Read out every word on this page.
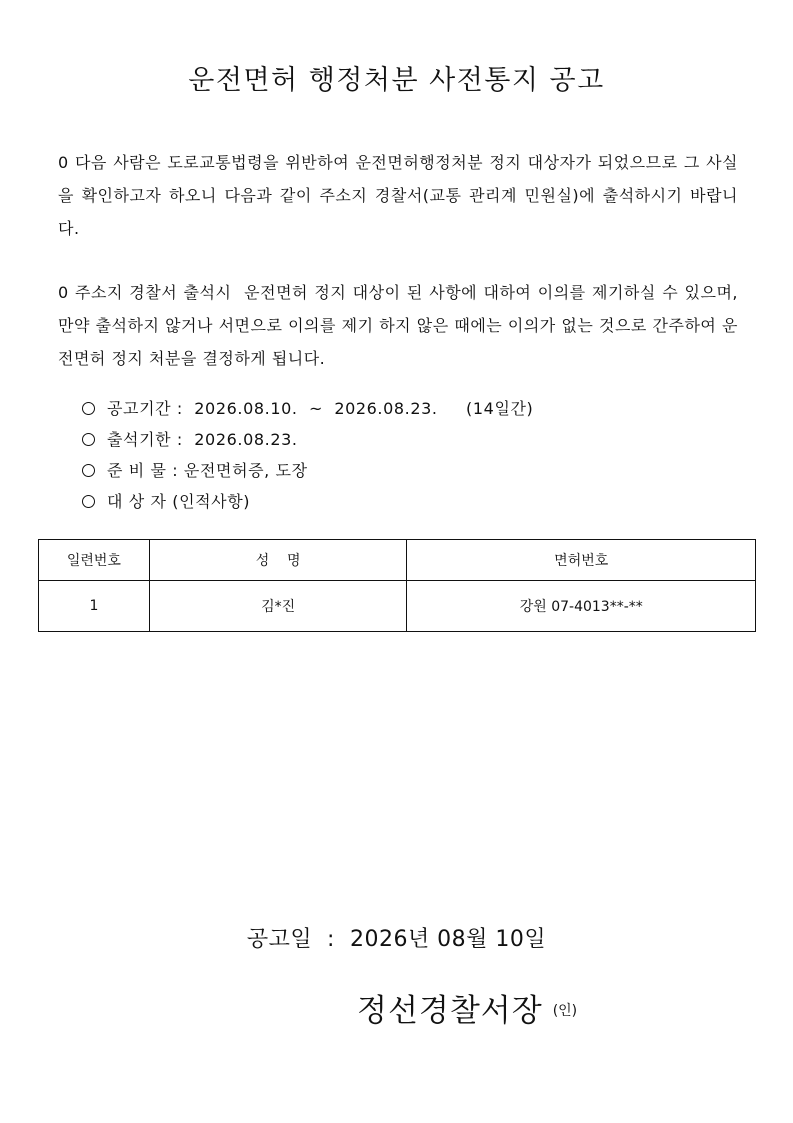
운전면허 행정처분 사전통지 공고

0 다음 사람은 도로교통법령을 위반하여 운전면허행정처분 정지 대상자가 되었으므로 그 사실을 확인하고자 하오니 다음과 같이 주소지 경찰서(교통 관리계 민원실)에 출석하시기 바랍니다.

0 주소지 경찰서 출석시  운전면허 정지 대상이 된 사항에 대하여 이의를 제기하실 수 있으며, 만약 출석하지 않거나 서면으로 이의를 제기 하지 않은 때에는 이의가 없는 것으로 간주하여 운전면허 정지 처분을 결정하게 됩니다.

공고기간 :  2026.08.10.  ~  2026.08.23.     (14일간)
출석기한 :  2026.08.23.
준 비 물 : 운전면허증, 도장
대 상 자 (인적사항)
일련번호	성    명	면허번호
1	김*진	강원 07-4013**-**
공고일  :  2026년 08월 10일
정선경찰서장 (인)
